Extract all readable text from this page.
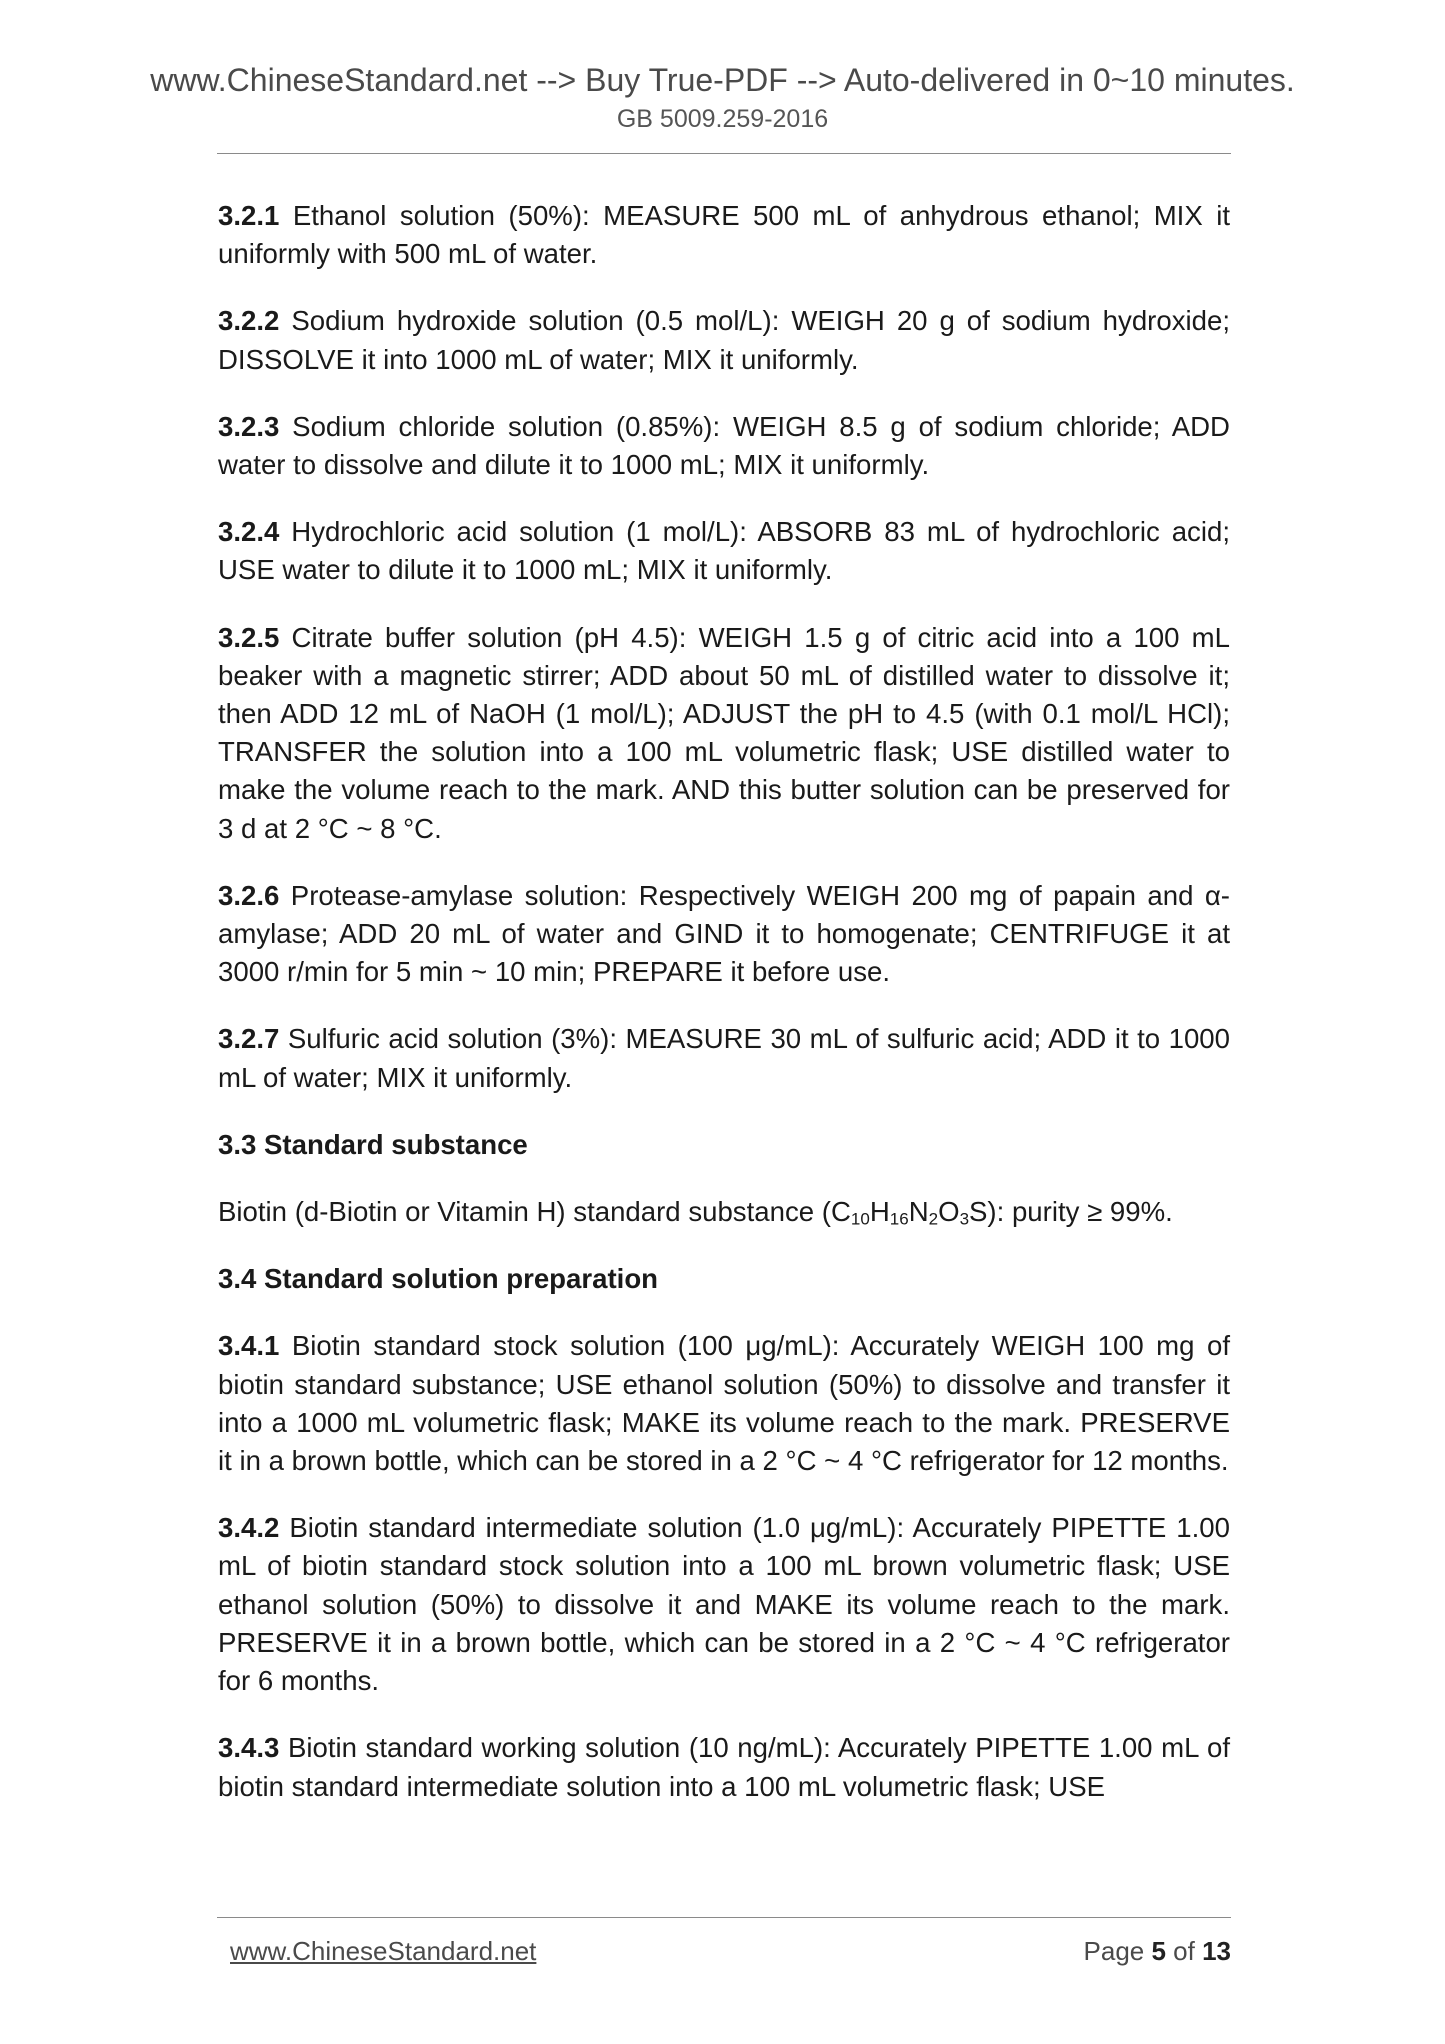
www.ChineseStandard.net --> Buy True-PDF --> Auto-delivered in 0~10 minutes.
GB 5009.259-2016

3.2.1 Ethanol solution (50%): MEASURE 500 mL of anhydrous ethanol; MIX it uniformly with 500 mL of water.

3.2.2 Sodium hydroxide solution (0.5 mol/L): WEIGH 20 g of sodium hydroxide; DISSOLVE it into 1000 mL of water; MIX it uniformly.

3.2.3 Sodium chloride solution (0.85%): WEIGH 8.5 g of sodium chloride; ADD water to dissolve and dilute it to 1000 mL; MIX it uniformly.

3.2.4 Hydrochloric acid solution (1 mol/L): ABSORB 83 mL of hydrochloric acid; USE water to dilute it to 1000 mL; MIX it uniformly.

3.2.5 Citrate buffer solution (pH 4.5): WEIGH 1.5 g of citric acid into a 100 mL beaker with a magnetic stirrer; ADD about 50 mL of distilled water to dissolve it; then ADD 12 mL of NaOH (1 mol/L); ADJUST the pH to 4.5 (with 0.1 mol/L HCl); TRANSFER the solution into a 100 mL volumetric flask; USE distilled water to make the volume reach to the mark. AND this butter solution can be preserved for 3 d at 2 °C ~ 8 °C.

3.2.6 Protease-amylase solution: Respectively WEIGH 200 mg of papain and α-amylase; ADD 20 mL of water and GIND it to homogenate; CENTRIFUGE it at 3000 r/min for 5 min ~ 10 min; PREPARE it before use.

3.2.7 Sulfuric acid solution (3%): MEASURE 30 mL of sulfuric acid; ADD it to 1000 mL of water; MIX it uniformly.

3.3 Standard substance

Biotin (d-Biotin or Vitamin H) standard substance (C10H16N2O3S): purity ≥ 99%.

3.4 Standard solution preparation

3.4.1 Biotin standard stock solution (100 μg/mL): Accurately WEIGH 100 mg of biotin standard substance; USE ethanol solution (50%) to dissolve and transfer it into a 1000 mL volumetric flask; MAKE its volume reach to the mark. PRESERVE it in a brown bottle, which can be stored in a 2 °C ~ 4 °C refrigerator for 12 months.

3.4.2 Biotin standard intermediate solution (1.0 μg/mL): Accurately PIPETTE 1.00 mL of biotin standard stock solution into a 100 mL brown volumetric flask; USE ethanol solution (50%) to dissolve it and MAKE its volume reach to the mark. PRESERVE it in a brown bottle, which can be stored in a 2 °C ~ 4 °C refrigerator for 6 months.

3.4.3 Biotin standard working solution (10 ng/mL): Accurately PIPETTE 1.00 mL of biotin standard intermediate solution into a 100 mL volumetric flask; USE

www.ChineseStandard.net	Page 5 of 13
